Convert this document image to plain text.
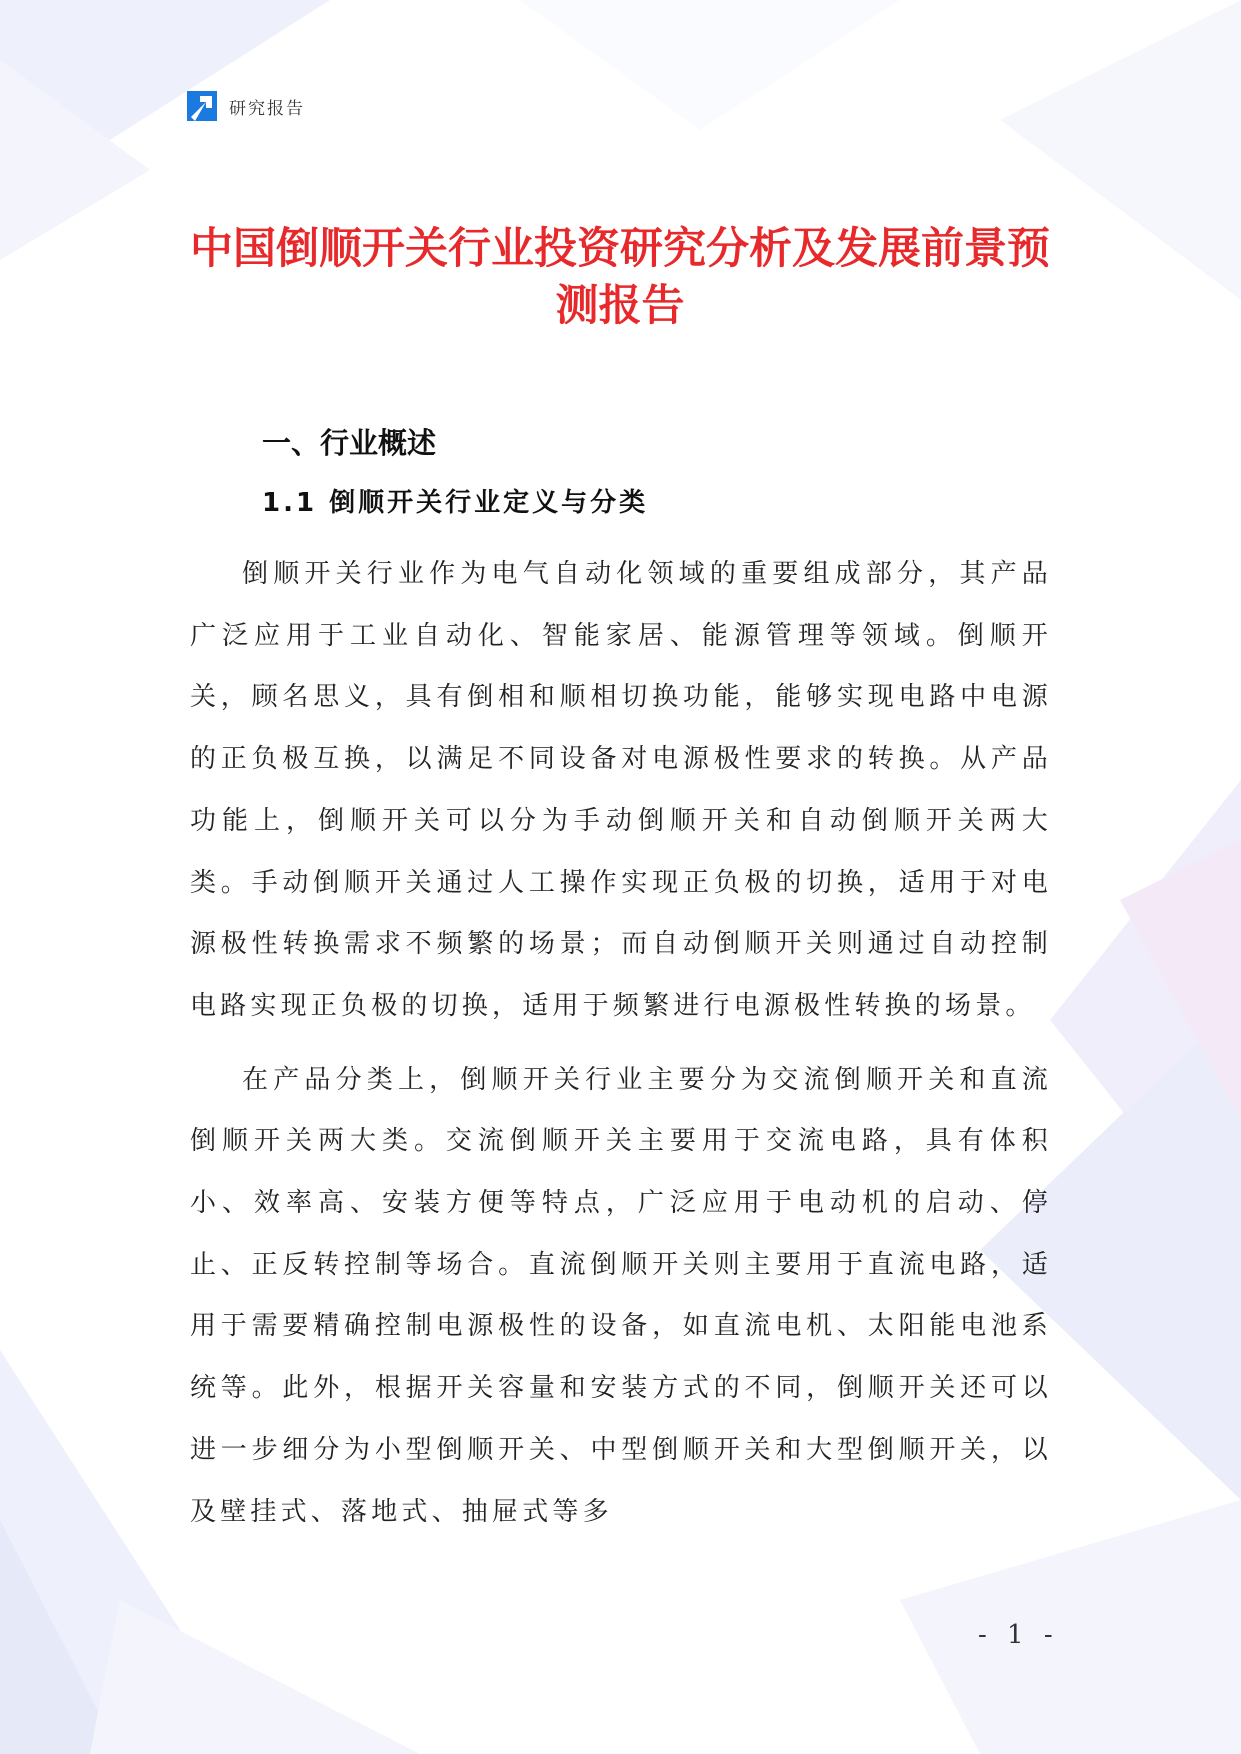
研究报告
中国倒顺开关行业投资研究分析及发展前景预测报告
一、行业概述
1.1 倒顺开关行业定义与分类

倒顺开关行业作为电气自动化领域的重要组成部分，其产品广泛应用于工业自动化、智能家居、能源管理等领域。倒顺开关，顾名思义，具有倒相和顺相切换功能，能够实现电路中电源的正负极互换，以满足不同设备对电源极性要求的转换。从产品功能上，倒顺开关可以分为手动倒顺开关和自动倒顺开关两大类。手动倒顺开关通过人工操作实现正负极的切换，适用于对电源极性转换需求不频繁的场景；而自动倒顺开关则通过自动控制电路实现正负极的切换，适用于频繁进行电源极性转换的场景。

在产品分类上，倒顺开关行业主要分为交流倒顺开关和直流倒顺开关两大类。交流倒顺开关主要用于交流电路，具有体积小、效率高、安装方便等特点，广泛应用于电动机的启动、停止、正反转控制等场合。直流倒顺开关则主要用于直流电路，适用于需要精确控制电源极性的设备，如直流电机、太阳能电池系统等。此外，根据开关容量和安装方式的不同，倒顺开关还可以进一步细分为小型倒顺开关、中型倒顺开关和大型倒顺开关，以及壁挂式、落地式、抽屉式等多

- 1 -
